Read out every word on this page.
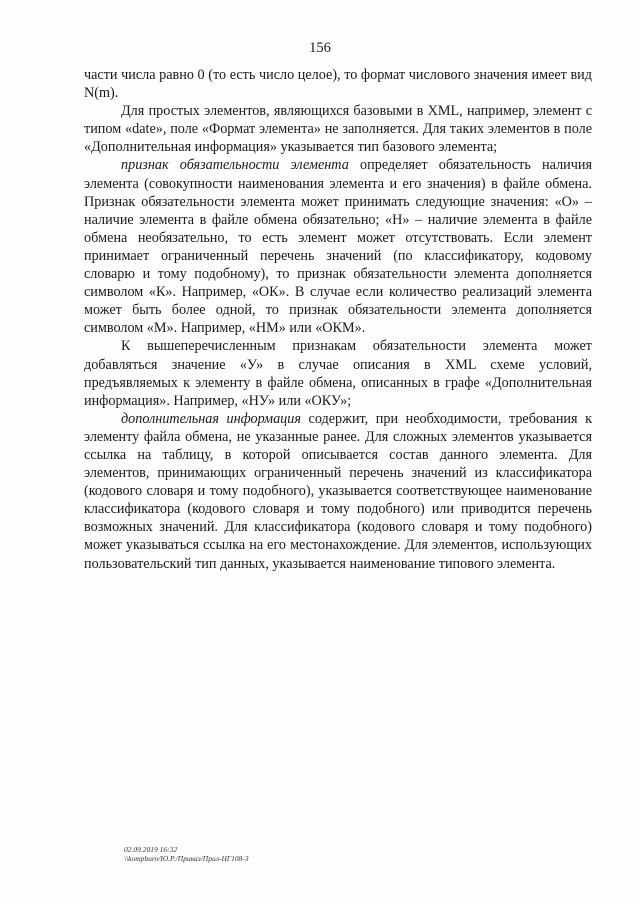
156

части числа равно 0 (то есть число целое), то формат числового значения имеет вид N(m).

Для простых элементов, являющихся базовыми в XML, например, элемент с типом «date», поле «Формат элемента» не заполняется. Для таких элементов в поле «Дополнительная информация» указывается тип базового элемента;

признак обязательности элемента определяет обязательность наличия элемента (совокупности наименования элемента и его значения) в файле обмена. Признак обязательности элемента может принимать следующие значения: «О» – наличие элемента в файле обмена обязательно; «Н» – наличие элемента в файле обмена необязательно, то есть элемент может отсутствовать. Если элемент принимает ограниченный перечень значений (по классификатору, кодовому словарю и тому подобному), то признак обязательности элемента дополняется символом «К». Например, «ОК». В случае если количество реализаций элемента может быть более одной, то признак обязательности элемента дополняется символом «М». Например, «НМ» или «ОКМ».

К вышеперечисленным признакам обязательности элемента может добавляться значение «У» в случае описания в XML схеме условий, предъявляемых к элементу в файле обмена, описанных в графе «Дополнительная информация». Например, «НУ» или «ОКУ»;

дополнительная информация содержит, при необходимости, требования к элементу файла обмена, не указанные ранее. Для сложных элементов указывается ссылка на таблицу, в которой описывается состав данного элемента. Для элементов, принимающих ограниченный перечень значений из классификатора (кодового словаря и тому подобного), указывается соответствующее наименование классификатора (кодового словаря и тому подобного) или приводится перечень возможных значений. Для классификатора (кодового словаря и тому подобного) может указываться ссылка на его местонахождение. Для элементов, использующих пользовательский тип данных, указывается наименование типового элемента.

02.09.2019 16:32
\\kompburo/Ю.Р./Приказ/Прил-НГ108-3
